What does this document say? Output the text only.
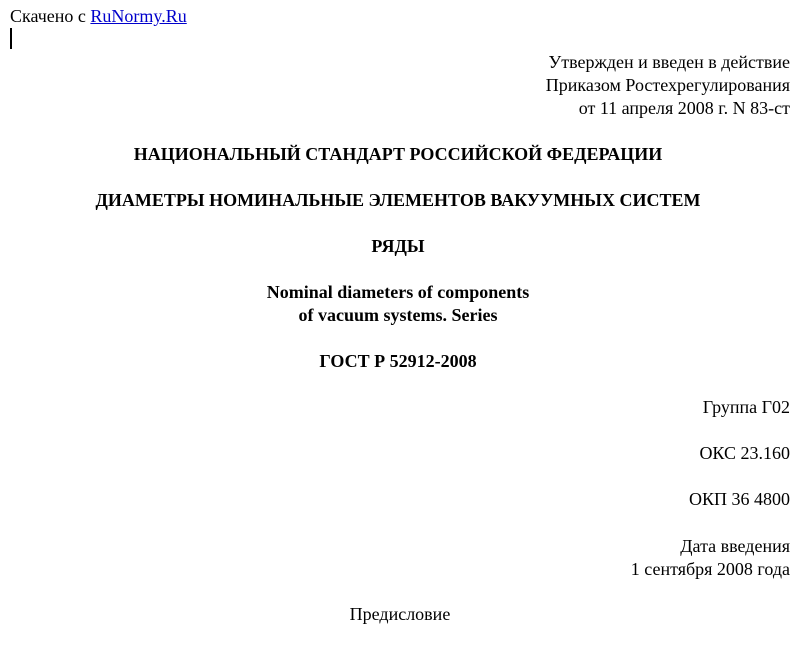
Скачено с RuNormy.Ru
Утвержден и введен в действие
Приказом Ростехрегулирования
от 11 апреля 2008 г. N 83-ст
НАЦИОНАЛЬНЫЙ СТАНДАРТ РОССИЙСКОЙ ФЕДЕРАЦИИ
ДИАМЕТРЫ НОМИНАЛЬНЫЕ ЭЛЕМЕНТОВ ВАКУУМНЫХ СИСТЕМ
РЯДЫ
Nominal diameters of components
of vacuum systems. Series
ГОСТ Р 52912-2008
Группа Г02
ОКС 23.160
ОКП 36 4800
Дата введения
1 сентября 2008 года
Предисловие
